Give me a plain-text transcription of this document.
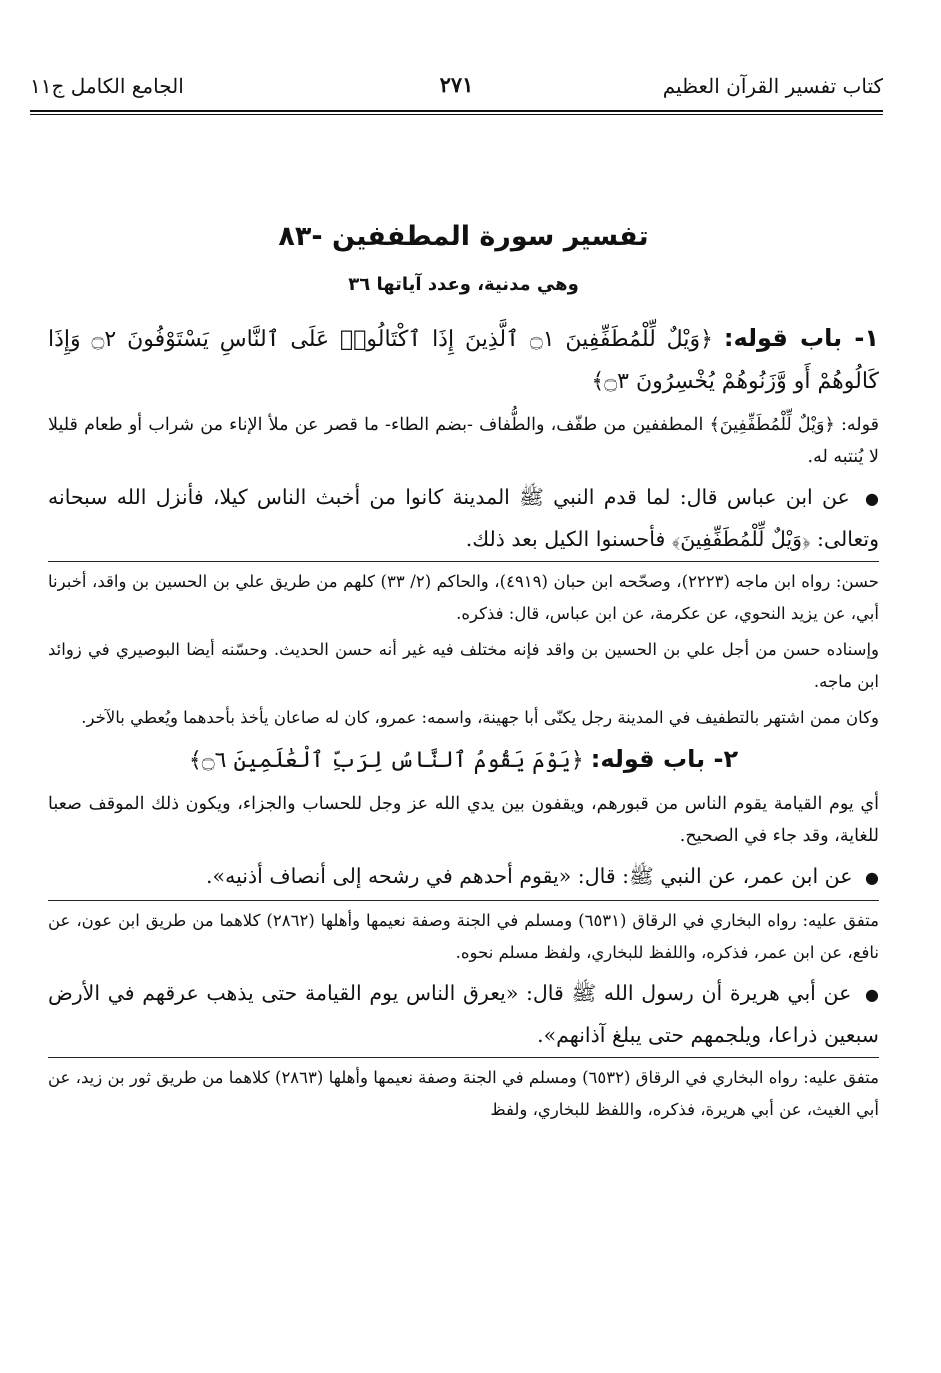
كتاب تفسير القرآن العظيم
٢٧١
الجامع الكامل ج١١
تفسير سورة المطففين -٨٣
وهي مدنية، وعدد آياتها ٣٦
١- باب قوله: ﴿وَيْلٌ لِّلْمُطَفِّفِينَ ۝١ ٱلَّذِينَ إِذَا ٱكْتَالُوا۟ عَلَى ٱلنَّاسِ يَسْتَوْفُونَ ۝٢ وَإِذَا كَالُوهُمْ أَو وَّزَنُوهُمْ يُخْسِرُونَ ۝٣﴾
قوله: ﴿وَيْلٌ لِّلْمُطَفِّفِينَ﴾ المطففين من طفّف، والطُّفاف -بضم الطاء- ما قصر عن ملأ الإناء من شراب أو طعام قليلا لا يُنتبه له.
● عن ابن عباس قال: لما قدم النبي ﷺ المدينة كانوا من أخبث الناس كيلا، فأنزل الله سبحانه وتعالى: ﴿وَيْلٌ لِّلْمُطَفِّفِينَ﴾ فأحسنوا الكيل بعد ذلك.
حسن: رواه ابن ماجه (٢٢٢٣)، وصحّحه ابن حبان (٤٩١٩)، والحاكم (٢/ ٣٣) كلهم من طريق علي بن الحسين بن واقد، أخبرنا أبي، عن يزيد النحوي، عن عكرمة، عن ابن عباس، قال: فذكره.
وإسناده حسن من أجل علي بن الحسين بن واقد فإنه مختلف فيه غير أنه حسن الحديث. وحسّنه أيضا البوصيري في زوائد ابن ماجه.
وكان ممن اشتهر بالتطفيف في المدينة رجل يكنّى أبا جهينة، واسمه: عمرو، كان له صاعان يأخذ بأحدهما ويُعطي بالآخر.
٢- باب قوله: ﴿يَوْمَ يَقُومُ ٱلنَّاسُ لِرَبِّ ٱلْعَٰلَمِينَ ۝٦﴾
أي يوم القيامة يقوم الناس من قبورهم، ويقفون بين يدي الله عز وجل للحساب والجزاء، ويكون ذلك الموقف صعبا للغاية، وقد جاء في الصحيح.
● عن ابن عمر، عن النبي ﷺ: قال: «يقوم أحدهم في رشحه إلى أنصاف أذنيه».
متفق عليه: رواه البخاري في الرقاق (٦٥٣١) ومسلم في الجنة وصفة نعيمها وأهلها (٢٨٦٢) كلاهما من طريق ابن عون، عن نافع، عن ابن عمر، فذكره، واللفظ للبخاري، ولفظ مسلم نحوه.
● عن أبي هريرة أن رسول الله ﷺ قال: «يعرق الناس يوم القيامة حتى يذهب عرقهم في الأرض سبعين ذراعا، ويلجمهم حتى يبلغ آذانهم».
متفق عليه: رواه البخاري في الرقاق (٦٥٣٢) ومسلم في الجنة وصفة نعيمها وأهلها (٢٨٦٣) كلاهما من طريق ثور بن زيد، عن أبي الغيث، عن أبي هريرة، فذكره، واللفظ للبخاري، ولفظ
